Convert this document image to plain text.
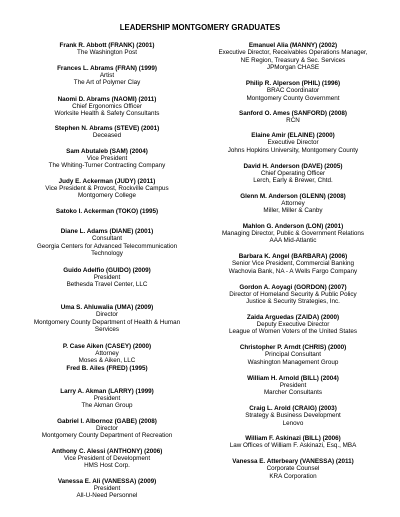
LEADERSHIP MONTGOMERY GRADUATES
Frank R. Abbott (FRANK) (2001)
The Washington Post
Frances L. Abrams (FRAN) (1999)
Artist
The Art of Polymer Clay
Naomi D. Abrams (NAOMI) (2011)
Chief Ergonomics Officer
Worksite Health & Safety Consultants
Stephen N. Abrams (STEVE) (2001)
Deceased
Sam Abutaleb (SAM) (2004)
Vice President
The Whiting-Turner Contracting Company
Judy E. Ackerman (JUDY) (2011)
Vice President & Provost, Rockville Campus
Montgomery College
Satoko I. Ackerman (TOKO) (1995)
Diane L. Adams (DIANE) (2001)
Consultant
Georgia Centers for Advanced Telecommunication
Technology
Guido Adelfio (GUIDO) (2009)
President
Bethesda Travel Center, LLC
Uma S. Ahluwalia (UMA) (2009)
Director
Montgomery County Department of Health & Human
Services
P. Case Aiken (CASEY) (2000)
Attorney
Moses & Aiken, LLC
Fred B. Ailes (FRED) (1995)
Larry A. Akman (LARRY) (1999)
President
The Akman Group
Gabriel I. Albornoz (GABE) (2008)
Director
Montgomery County Department of Recreation
Anthony C. Alessi (ANTHONY) (2006)
Vice President of Development
HMS Host Corp.
Vanessa E. Ali (VANESSA) (2009)
President
All-U-Need Personnel
Emanuel Alia (MANNY) (2002)
Executive Director, Receivables Operations Manager,
NE Region, Treasury & Sec. Services
JPMorgan CHASE
Philip R. Alperson (PHIL) (1996)
BRAC Coordinator
Montgomery County Government
Sanford O. Ames (SANFORD) (2008)
RCN
Elaine Amir (ELAINE) (2000)
Executive Director
Johns Hopkins University, Montgomery County
David H. Anderson (DAVE) (2005)
Chief Operating Officer
Lerch, Early & Brewer, Chtd.
Glenn M. Anderson (GLENN) (2008)
Attorney
Miller, Miller & Canby
Mahlon G. Anderson (LON) (2001)
Managing Director, Public & Government Relations
AAA Mid-Atlantic
Barbara K. Angel (BARBARA) (2006)
Senior Vice President, Commercial Banking
Wachovia Bank, NA - A Wells Fargo Company
Gordon A. Aoyagi (GORDON) (2007)
Director of Homeland Security & Public Policy
Justice & Security Strategies, Inc.
Zaida Arguedas (ZAIDA) (2000)
Deputy Executive Director
League of Women Voters of the United States
Christopher P. Arndt (CHRIS) (2000)
Principal Consultant
Washington Management Group
William H. Arnold (BILL) (2004)
President
Marcher Consultants
Craig L. Arold (CRAIG) (2003)
Strategy & Business Development
Lenovo
William F. Askinazi (BILL) (2006)
Law Offices of William F. Askinazi, Esq., MBA
Vanessa E. Atterbeary (VANESSA) (2011)
Corporate Counsel
KRA Corporation
